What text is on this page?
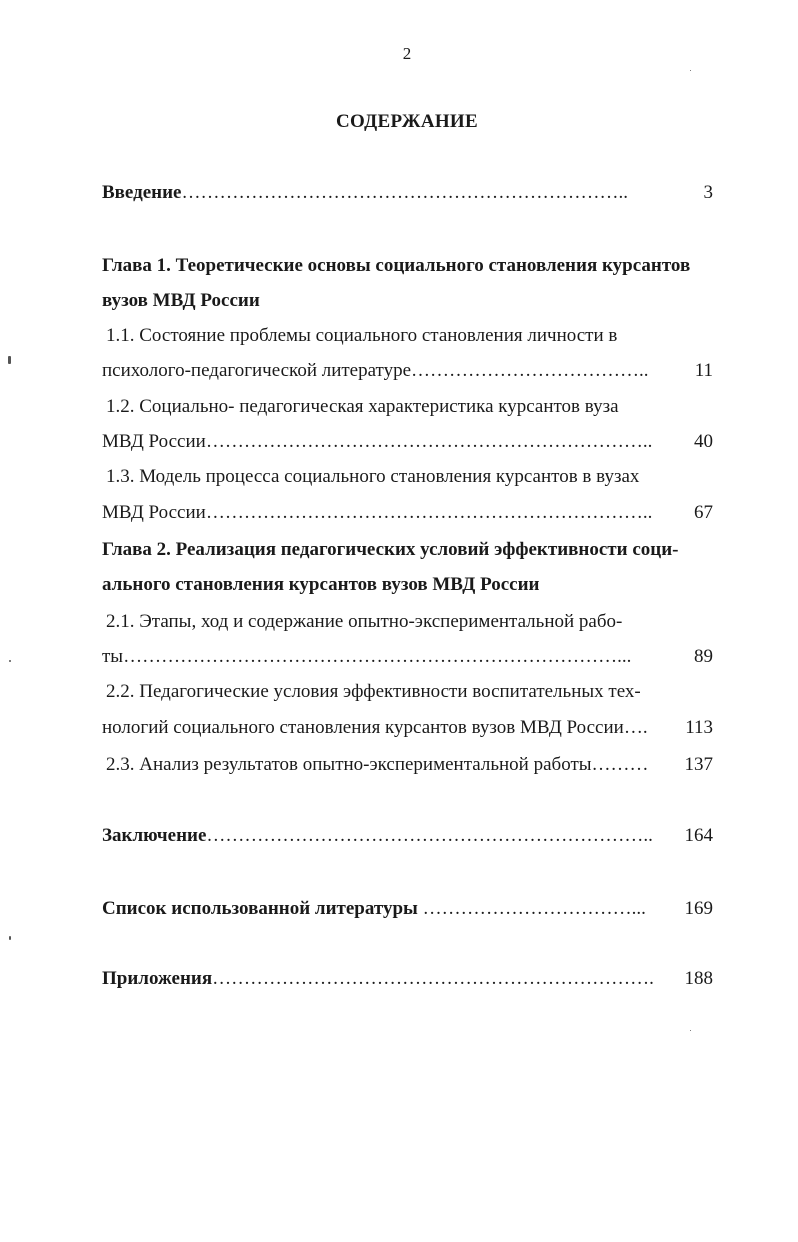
2
СОДЕРЖАНИЕ
Введение……………………………………………………………..	3
Глава 1. Теоретические основы социального становления курсантов
вузов МВД России
1.1. Состояние проблемы социального становления личности в
психолого-педагогической литературе………………………………..	11
1.2. Социально- педагогическая характеристика курсантов вуза
МВД России……………………………………………………………..	40
1.3. Модель процесса социального становления курсантов в вузах
МВД России……………………………………………………………..	67
Глава 2. Реализация педагогических условий эффективности соци-
ального становления курсантов вузов МВД России
2.1. Этапы, ход и содержание опытно-экспериментальной рабо-
ты……………………………………………………………………...	89
2.2. Педагогические условия эффективности воспитательных тех-
нологий социального становления курсантов вузов МВД России….	113
2.3. Анализ результатов опытно-экспериментальной работы………	137
Заключение……………………………………………………………..	164
Список использованной литературы ……………………………...	169
Приложения…………………………………………………………….	188
